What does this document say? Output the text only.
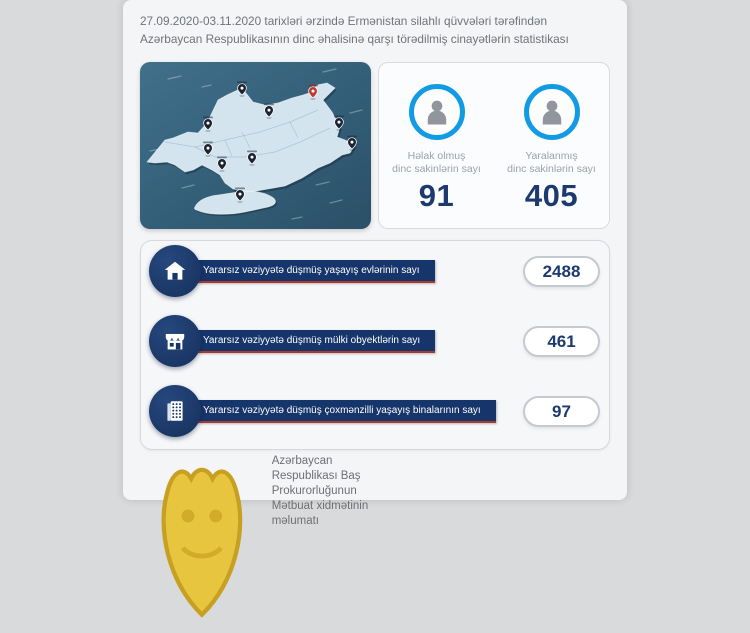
27.09.2020-03.11.2020 tarixləri ərzində Ermənistan silahlı qüvvələri tərəfindən
Azərbaycan Respublikasının dinc əhalisinə qarşı törədilmiş cinayətlərin statistikası
Həlak olmuş
dinc sakinlərin sayı
91
Yaralanmış
dinc sakinlərin sayı
405
Yararsız vəziyyətə düşmüş yaşayış evlərinin sayı	2488
Yararsız vəziyyətə düşmüş mülki obyektlərin sayı	461
Yararsız vəziyyətə düşmüş çoxmənzilli yaşayış binalarının sayı	97
Azərbaycan Respublikası Baş Prokurorluğunun
Mətbuat xidmətinin məlumatı
